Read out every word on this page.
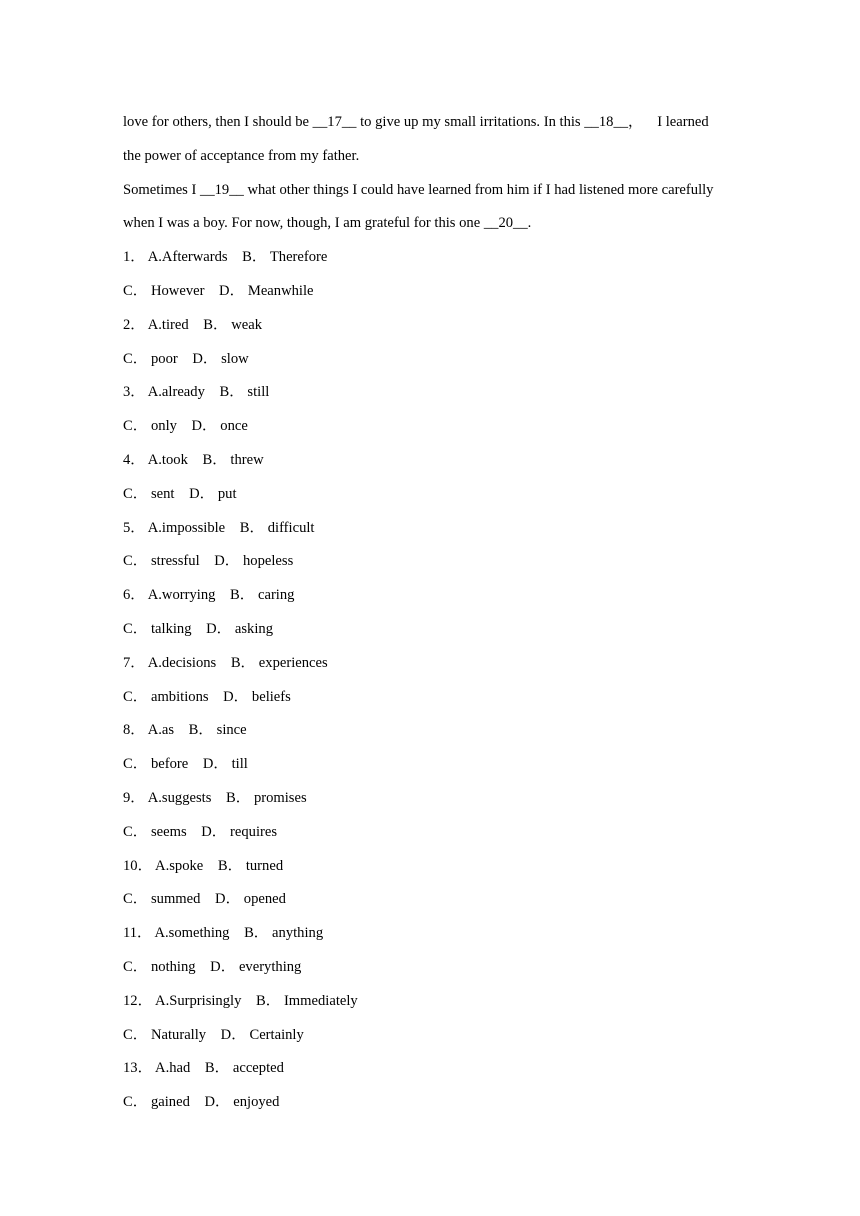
love for others, then I should be __17__ to give up my small irritations. In this __18__，    I learned
the power of acceptance from my father.
Sometimes I __19__ what other things I could have learned from him if I had listened more carefully
when I was a boy. For now, though, I am grateful for this one __20__.
1． A.Afterwards    B． Therefore
C． However    D． Meanwhile
2． A.tired    B． weak
C． poor    D． slow
3． A.already    B． still
C． only    D． once
4． A.took    B． threw
C． sent    D． put
5． A.impossible    B． difficult
C． stressful    D． hopeless
6． A.worrying    B． caring
C． talking    D． asking
7． A.decisions    B． experiences
C． ambitions    D． beliefs
8． A.as    B． since
C． before    D． till
9． A.suggests    B． promises
C． seems    D． requires
10． A.spoke    B． turned
C． summed    D． opened
11． A.something    B． anything
C． nothing    D． everything
12． A.Surprisingly    B． Immediately
C． Naturally    D． Certainly
13． A.had    B． accepted
C． gained    D． enjoyed
